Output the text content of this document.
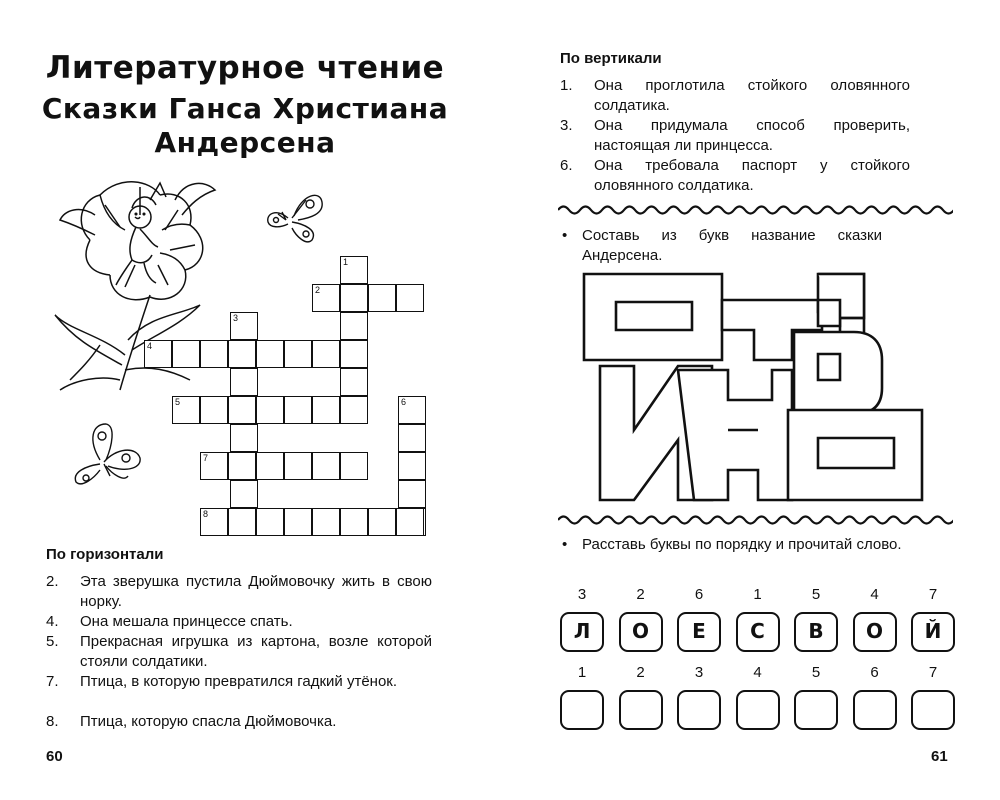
Литературное чтение
Сказки Ганса Христиана
Андерсена
1
2
3
4
5	6
7
8
По горизонтали
2. Эта зверушка пустила Дюймовочку жить в свою норку.
4. Она мешала принцессе спать.
5. Прекрасная игрушка из картона, возле которой стояли солдатики.
7. Птица, в которую превратился гадкий утёнок.
8. Птица, которую спасла Дюймовочка.
60
По вертикали
1. Она проглотила стойкого оловянного солдатика.
3. Она придумала способ проверить, настоящая ли принцесса.
6. Она требовала паспорт у стойкого оловянного солдатика.
• Составь из букв название сказки Андерсена.
• Расставь буквы по порядку и прочитай слово.
3
Л
1
2
О
2
6
Е
3
1
С
4
5
В
5
4
О
6
7
Й
7
61
